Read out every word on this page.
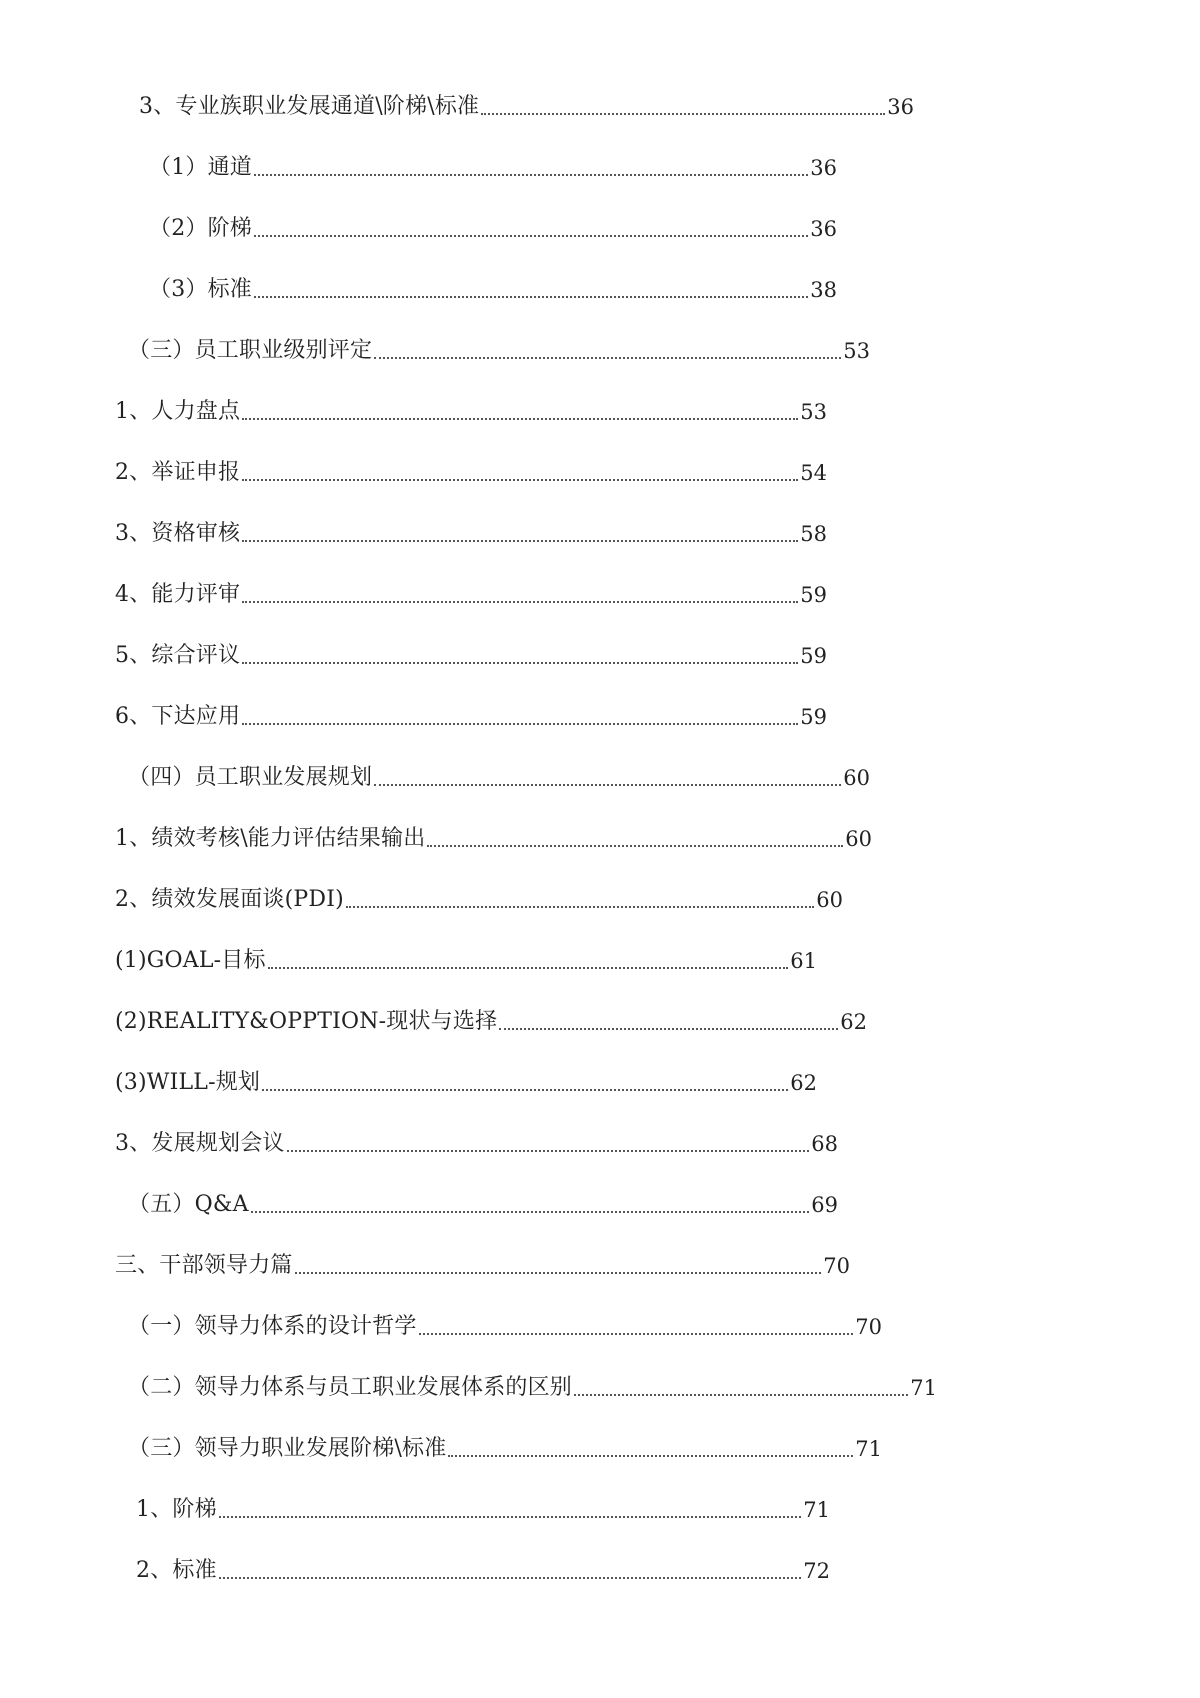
3、专业族职业发展通道\阶梯\标准	36
（1）通道	36
（2）阶梯	36
（3）标准	38
（三）员工职业级别评定	53
1、人力盘点	53
2、举证申报	54
3、资格审核	58
4、能力评审	59
5、综合评议	59
6、下达应用	59
（四）员工职业发展规划	60
1、绩效考核\能力评估结果输出	60
2、绩效发展面谈(PDI)	60
(1)GOAL-目标	61
(2)REALITY&OPPTION-现状与选择	62
(3)WILL-规划	62
3、发展规划会议	68
（五）Q&A	69
三、干部领导力篇	70
（一）领导力体系的设计哲学	70
（二）领导力体系与员工职业发展体系的区别	71
（三）领导力职业发展阶梯\标准	71
1、阶梯	71
2、标准	72
